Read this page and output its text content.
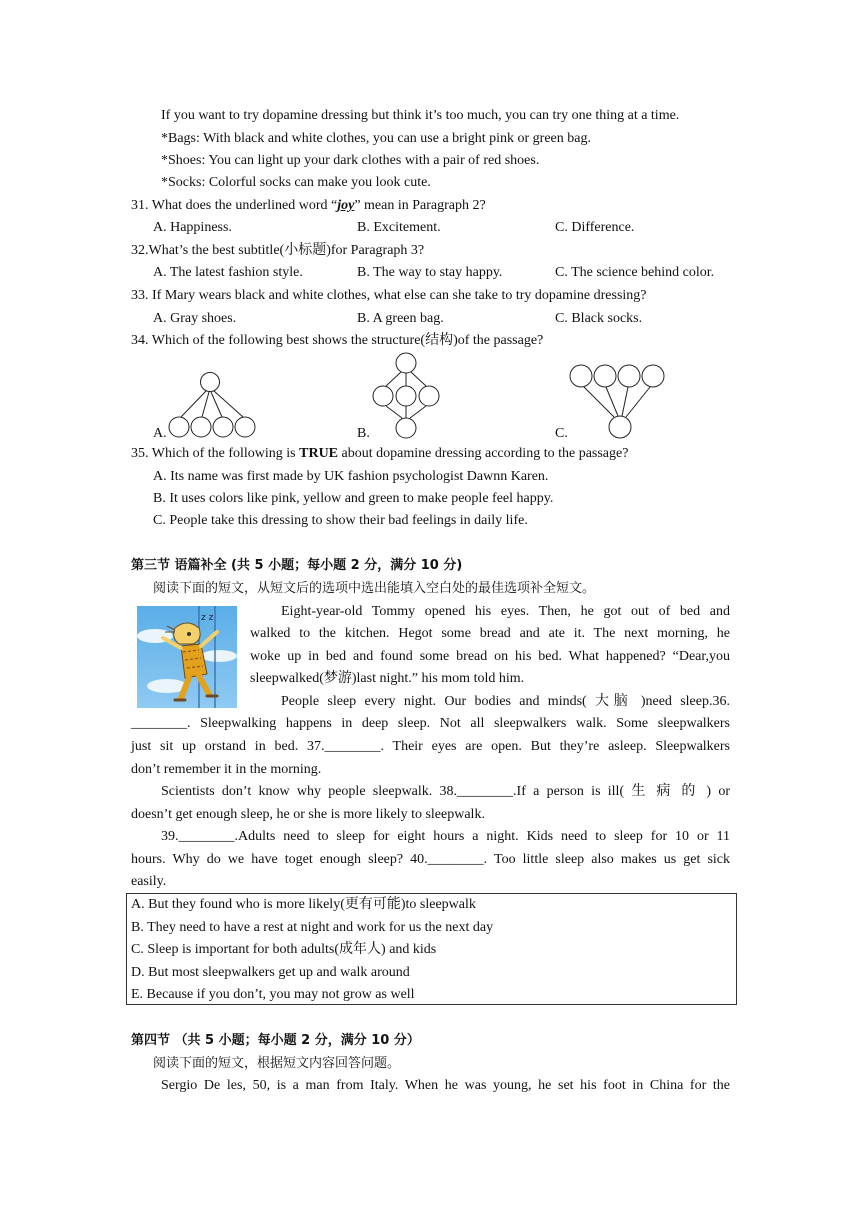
If you want to try dopamine dressing but think it’s too much, you can try one thing at a time.
*Bags: With black and white clothes, you can use a bright pink or green bag.
*Shoes: You can light up your dark clothes with a pair of red shoes.
*Socks: Colorful socks can make you look cute.
31. What does the underlined word “joy” mean in Paragraph 2?
A. Happiness.	B. Excitement.	C. Difference.
32.What’s the best subtitle(小标题)for Paragraph 3?
A. The latest fashion style.	B. The way to stay happy.	C. The science behind color.
33. If Mary wears black and white clothes, what else can she take to try dopamine dressing?
A. Gray shoes.	B. A green bag.	C. Black socks.
34. Which of the following best shows the structure(结构)of the passage?
A.	B.	C.
35. Which of the following is TRUE about dopamine dressing according to the passage?
A. Its name was first made by UK fashion psychologist Dawnn Karen.
B. It uses colors like pink, yellow and green to make people feel happy.
C. People take this dressing to show their bad feelings in daily life.
第三节 语篇补全 (共 5 小题；每小题 2 分，满分 10 分)
阅读下面的短文，从短文后的选项中选出能填入空白处的最佳选项补全短文。
z z	Eight-year-old Tommy opened his eyes. Then, he got out of bed and
walked to the kitchen. Hegot some bread and ate it. The next morning, he
woke up in bed and found some bread on his bed. What happened? “Dear,you
sleepwalked(梦游)last night.” his mom told him.
People sleep every night. Our bodies and minds( 大脑 )need sleep.36.
________. Sleepwalking happens in deep sleep. Not all sleepwalkers walk. Some sleepwalkers
just sit up orstand in bed. 37.________. Their eyes are open. But they’re asleep. Sleepwalkers
don’t remember it in the morning.
Scientists don’t know why people sleepwalk. 38.________.If a person is ill( 生 病 的 ) or
doesn’t get enough sleep, he or she is more likely to sleepwalk.
39.________.Adults need to sleep for eight hours a night. Kids need to sleep for 10 or 11
hours. Why do we have toget enough sleep? 40.________. Too little sleep also makes us get sick
easily.
A. But they found who is more likely(更有可能)to sleepwalk
B. They need to have a rest at night and work for us the next day
C. Sleep is important for both adults(成年人) and kids
D. But most sleepwalkers get up and walk around
E. Because if you don’t, you may not grow as well
第四节 （共 5 小题；每小题 2 分，满分 10 分）
阅读下面的短文，根据短文内容回答问题。
Sergio De les, 50, is a man from Italy. When he was young, he set his foot in China for the
